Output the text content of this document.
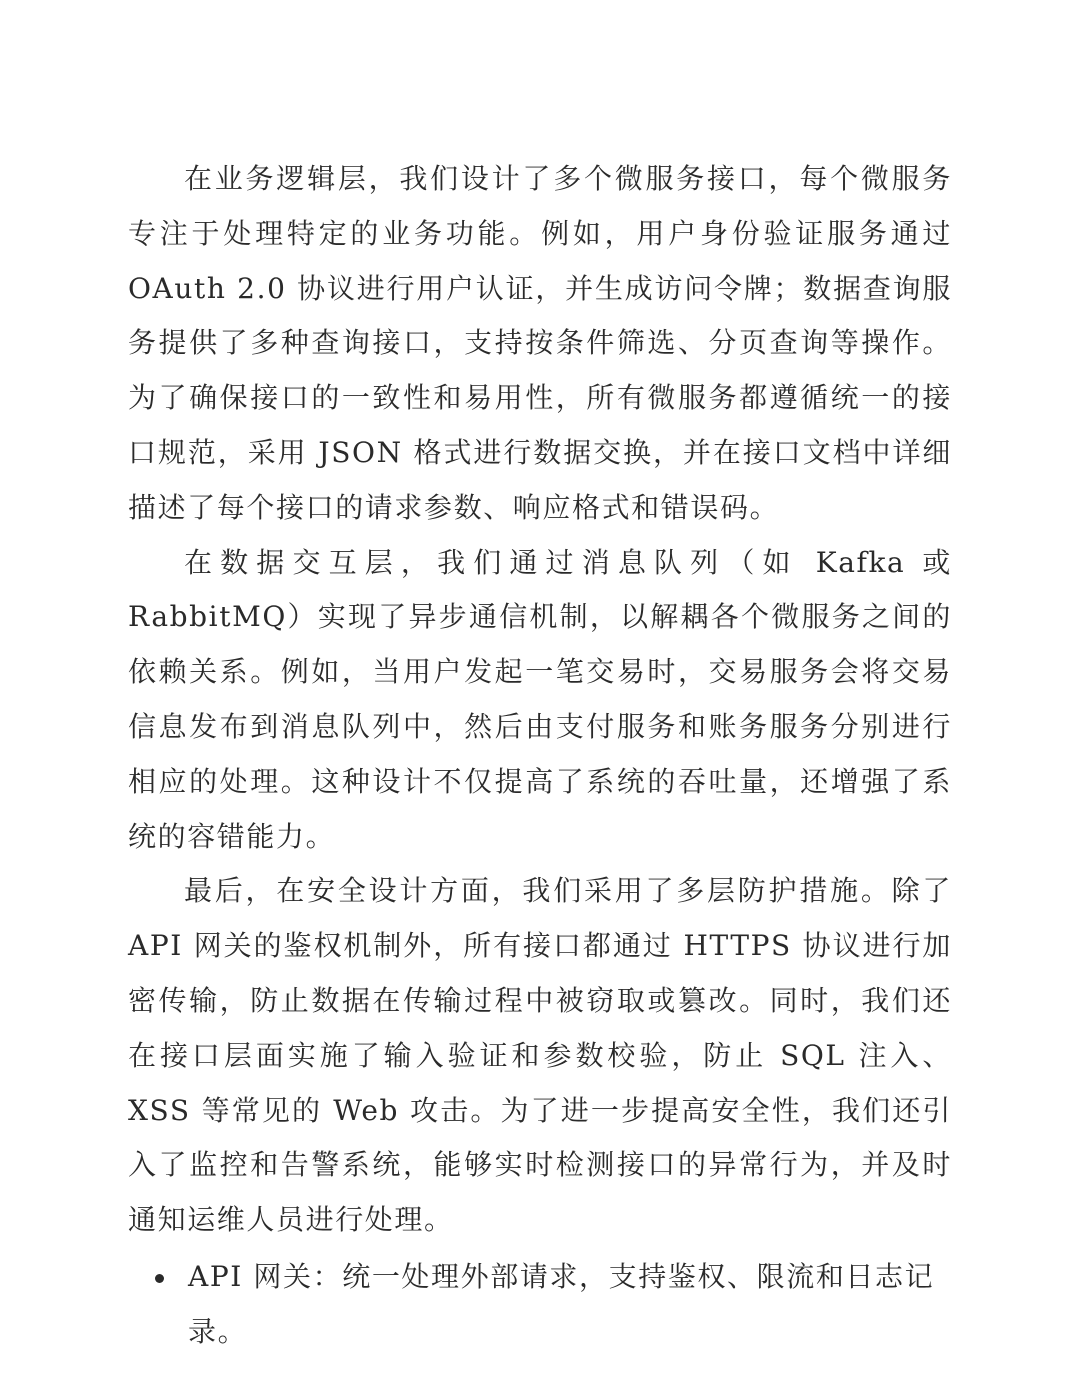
在业务逻辑层，我们设计了多个微服务接口，每个微服务专注于处理特定的业务功能。例如，用户身份验证服务通过 OAuth 2.0 协议进行用户认证，并生成访问令牌；数据查询服务提供了多种查询接口，支持按条件筛选、分页查询等操作。为了确保接口的一致性和易用性，所有微服务都遵循统一的接口规范，采用 JSON 格式进行数据交换，并在接口文档中详细描述了每个接口的请求参数、响应格式和错误码。

在数据交互层，我们通过消息队列（如 Kafka 或 RabbitMQ）实现了异步通信机制，以解耦各个微服务之间的依赖关系。例如，当用户发起一笔交易时，交易服务会将交易信息发布到消息队列中，然后由支付服务和账务服务分别进行相应的处理。这种设计不仅提高了系统的吞吐量，还增强了系统的容错能力。

最后，在安全设计方面，我们采用了多层防护措施。除了 API 网关的鉴权机制外，所有接口都通过 HTTPS 协议进行加密传输，防止数据在传输过程中被窃取或篡改。同时，我们还在接口层面实施了输入验证和参数校验，防止 SQL 注入、XSS 等常见的 Web 攻击。为了进一步提高安全性，我们还引入了监控和告警系统，能够实时检测接口的异常行为，并及时通知运维人员进行处理。

API 网关：统一处理外部请求，支持鉴权、限流和日志记录。
